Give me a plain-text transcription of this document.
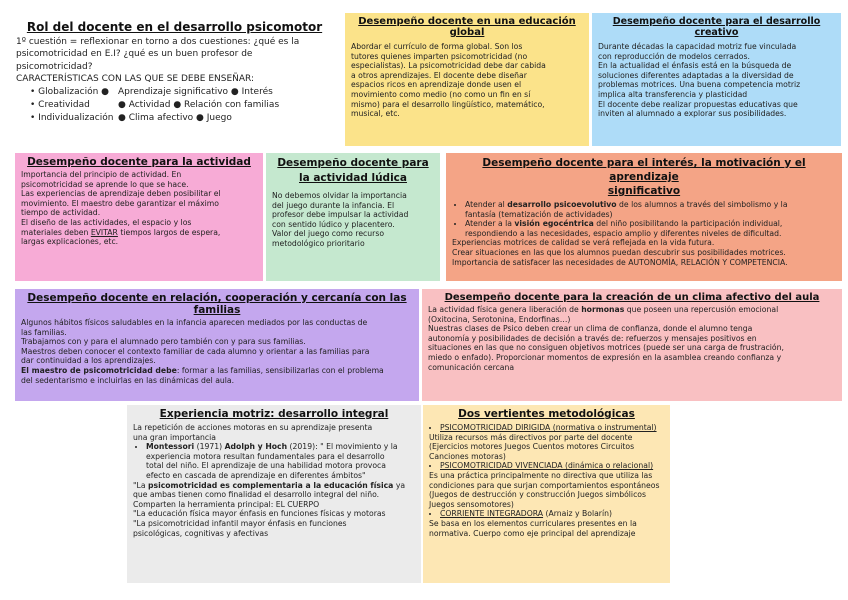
Rol del docente en el desarrollo psicomotor

1º cuestión = reflexionar en torno a dos cuestiones: ¿qué es la

psicomotricidad en E.I? ¿qué es un buen profesor de

psicomotricidad?

CARACTERÍSTICAS CON LAS QUE SE DEBE ENSEÑAR:

• Globalización ●	Aprendizaje significativo ● Interés
• Creatividad	● Actividad ● Relación con familias
• Individualización ● Clima afectivo ● Juego
Desempeño docente en una educación global

Abordar el currículo de forma global. Son los

tutores quienes imparten psicomotricidad (no

especialistas). La psicomotricidad debe dar cabida

a otros aprendizajes. El docente debe diseñar

espacios ricos en aprendizaje donde usen el

movimiento como medio (no como un fin en sí

mismo) para el desarrollo lingüístico, matemático,

musical, etc.

Desempeño docente para el desarrollo creativo

Durante décadas la capacidad motriz fue vinculada

con reproducción de modelos cerrados.

En la actualidad el énfasis está en la búsqueda de

soluciones diferentes adaptadas a la diversidad de

problemas motrices. Una buena competencia motriz

implica alta transferencia y plasticidad

El docente debe realizar propuestas educativas que

inviten al alumnado a explorar sus posibilidades.

Desempeño docente para la actividad

Importancia del principio de actividad. En

psicomotricidad se aprende lo que se hace.

Las experiencias de aprendizaje deben posibilitar el

movimiento. El maestro debe garantizar el máximo

tiempo de actividad.

El diseño de las actividades, el espacio y los

materiales deben EVITAR tiempos largos de espera,

largas explicaciones, etc.

Desempeño docente para
la actividad lúdica

No debemos olvidar la importancia

del juego durante la infancia. El

profesor debe impulsar la actividad

con sentido lúdico y placentero.

Valor del juego como recurso

metodológico prioritario

Desempeño docente para el interés, la motivación y el aprendizaje
significativo
• Atender al desarrollo psicoevolutivo de los alumnos a través del simbolismo y la
fantasía (tematización de actividades)
• Atender a la visión egocéntrica del niño posibilitando la participación individual,
respondiendo a las necesidades, espacio amplio y diferentes niveles de dificultad.

Experiencias motrices de calidad se verá reflejada en la vida futura.

Crear situaciones en las que los alumnos puedan descubrir sus posibilidades motrices.

Importancia de satisfacer las necesidades de AUTONOMÍA, RELACIÓN Y COMPETENCIA.

Desempeño docente en relación, cooperación y cercanía con las familias

Algunos hábitos físicos saludables en la infancia aparecen mediados por las conductas de

las familias.

Trabajamos con y para el alumnado pero también con y para sus familias.

Maestros deben conocer el contexto familiar de cada alumno y orientar a las familias para

dar continuidad a los aprendizajes.

El maestro de psicomotricidad debe: formar a las familias, sensibilizarlas con el problema

del sedentarismo e incluirlas en las dinámicas del aula.

Desempeño docente para la creación de un clima afectivo del aula

La actividad física genera liberación de hormonas que poseen una repercusión emocional

(Oxitocina, Serotonina, Endorfinas…)

Nuestras clases de Psico deben crear un clima de confianza, donde el alumno tenga

autonomía y posibilidades de decisión a través de: refuerzos y mensajes positivos en

situaciones en las que no consiguen objetivos motrices (puede ser una carga de frustración,

miedo o enfado). Proporcionar momentos de expresión en la asamblea creando confianza y

comunicación cercana

Experiencia motriz: desarrollo integral

La repetición de acciones motoras en su aprendizaje presenta

una gran importancia

• Montessori (1971) Adolph y Hoch (2019): " El movimiento y la
experiencia motora resultan fundamentales para el desarrollo
total del niño. El aprendizaje de una habilidad motora provoca
efecto en cascada de aprendizaje en diferentes ámbitos"

"La psicomotricidad es complementaria a la educación física ya

que ambas tienen como finalidad el desarrollo integral del niño.

Comparten la herramienta principal: EL CUERPO

"La educación física mayor énfasis en funciones físicas y motoras

"La psicomotricidad infantil mayor énfasis en funciones

psicológicas, cognitivas y afectivas

Dos vertientes metodológicas
• PSICOMOTRICIDAD DIRIGIDA (normativa o instrumental)

Utiliza recursos más directivos por parte del docente

(Ejercicios motores Juegos Cuentos motores Circuitos

Canciones motoras)

• PSICOMOTRICIDAD VIVENCIADA (dinámica o relacional)

Es una práctica principalmente no directiva que utiliza las

condiciones para que surjan comportamientos espontáneos

(Juegos de destrucción y construcción Juegos simbólicos

Juegos sensomotores)

• CORRIENTE INTEGRADORA (Arnaiz y Bolarín)

Se basa en los elementos curriculares presentes en la

normativa. Cuerpo como eje principal del aprendizaje
